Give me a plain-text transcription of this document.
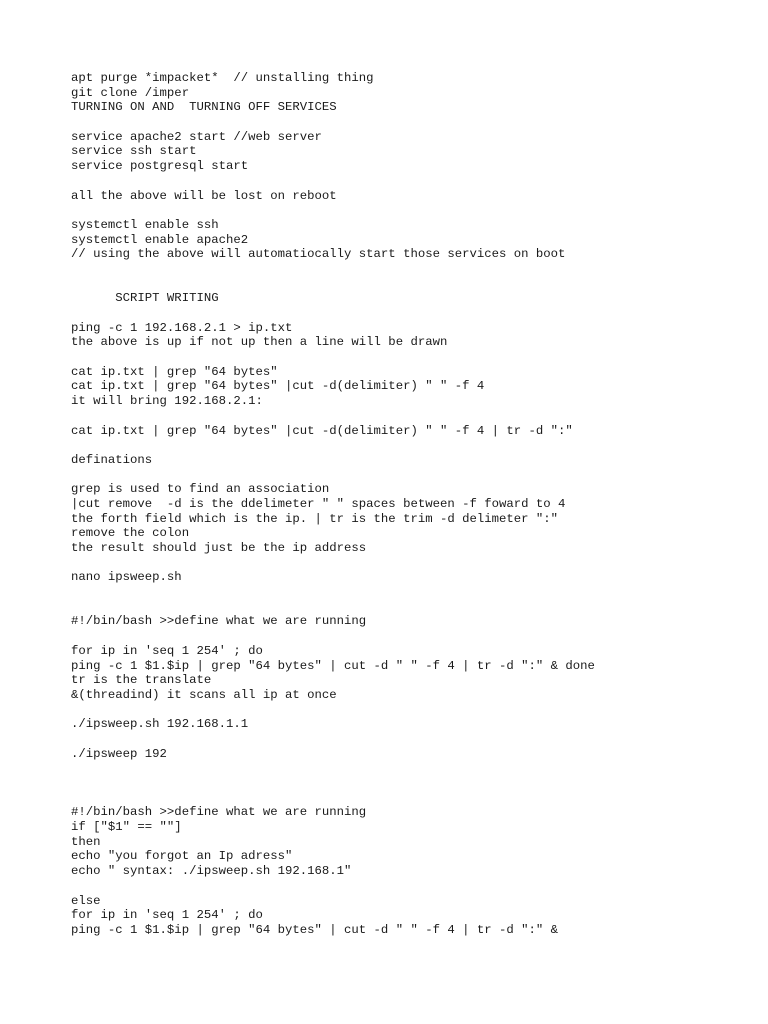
apt purge *impacket*  // unstalling thing
git clone /imper
TURNING ON AND  TURNING OFF SERVICES
service apache2 start //web server
service ssh start
service postgresql start
all the above will be lost on reboot
systemctl enable ssh
systemctl enable apache2
// using the above will automatiocally start those services on boot
SCRIPT WRITING
ping -c 1 192.168.2.1 > ip.txt
the above is up if not up then a line will be drawn
cat ip.txt | grep "64 bytes"
cat ip.txt | grep "64 bytes" |cut -d(delimiter) " " -f 4
it will bring 192.168.2.1:
cat ip.txt | grep "64 bytes" |cut -d(delimiter) " " -f 4 | tr -d ":"
definations
grep is used to find an association
|cut remove  -d is the ddelimeter " " spaces between -f foward to 4
the forth field which is the ip. | tr is the trim -d delimeter ":"
remove the colon
the result should just be the ip address
nano ipsweep.sh
#!/bin/bash >>define what we are running
for ip in 'seq 1 254' ; do
ping -c 1 $1.$ip | grep "64 bytes" | cut -d " " -f 4 | tr -d ":" & done
tr is the translate
&(threadind) it scans all ip at once
./ipsweep.sh 192.168.1.1
./ipsweep 192
#!/bin/bash >>define what we are running
if ["$1" == ""]
then
echo "you forgot an Ip adress"
echo " syntax: ./ipsweep.sh 192.168.1"
else
for ip in 'seq 1 254' ; do
ping -c 1 $1.$ip | grep "64 bytes" | cut -d " " -f 4 | tr -d ":" &
